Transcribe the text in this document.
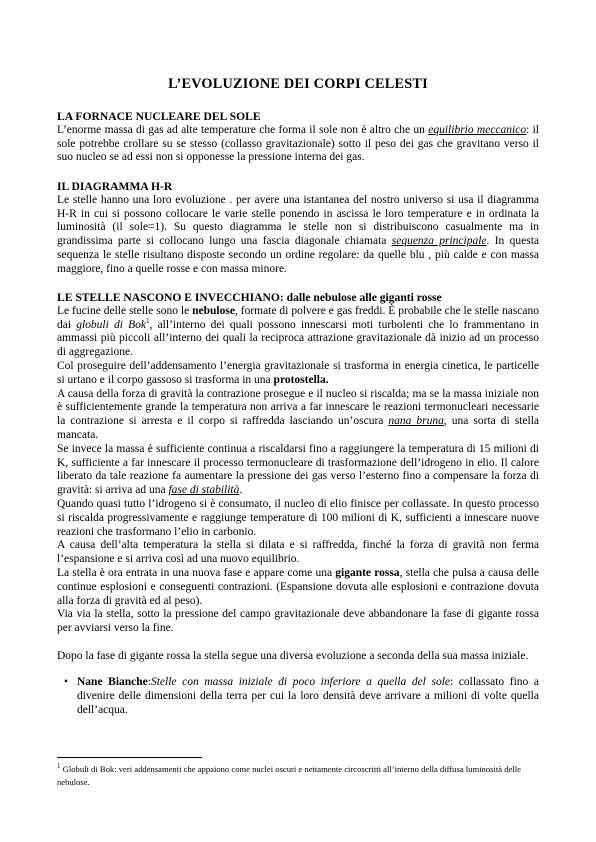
L’EVOLUZIONE DEI CORPI CELESTI

LA FORNACE NUCLEARE DEL SOLE

L’enorme massa di gas ad alte temperature che forma il sole non è altro che un equilibrio meccanico: il sole potrebbe crollare su se stesso (collasso gravitazionale) sotto il peso dei gas che gravitano verso il suo nucleo se ad essi non si opponesse la pressione interna dei gas.

IL DIAGRAMMA H-R

Le stelle hanno una loro evoluzione . per avere una istantanea del nostro universo si usa il diagramma H-R in cui si possono collocare le varie stelle ponendo in ascissa le loro temperature e in ordinata la luminosità (il sole=1). Su questo diagramma le stelle non si distribuiscono casualmente ma in grandissima parte si collocano lungo una fascia diagonale chiamata sequenza principale. In questa sequenza le stelle risultano disposte secondo un ordine regolare: da quelle blu , più calde e con massa maggiore, fino a quelle rosse e con massa minore.

LE STELLE NASCONO E INVECCHIANO: dalle nebulose alle giganti rosse

Le fucine delle stelle sono le nebulose, formate di polvere e gas freddi. È probabile che le stelle nascano dai globuli di Bok$^1$, all’interno dei quali possono innescarsi moti turbolenti che lo frammentano in ammassi più piccoli all’interno dei quali la reciproca attrazione gravitazionale dà inizio ad un processo di aggregazione.

Col proseguire dell’addensamento l’energia gravitazionale si trasforma in energia cinetica, le particelle si urtano e il corpo gassoso si trasforma in una protostella.

A causa della forza di gravità la contrazione prosegue e il nucleo si riscalda; ma se la massa iniziale non è sufficientemente grande la temperatura non arriva a far innescare le reazioni termonucleari necessarie la contrazione si arresta e il corpo si raffredda lasciando un’oscura nana bruna, una sorta di stella mancata.

Se invece la massa è sufficiente continua a riscaldarsi fino a raggiungere la temperatura di 15 milioni di K, sufficiente a far innescare il processo termonucleare di trasformazione dell’idrogeno in elio. Il calore liberato da tale reazione fa aumentare la pressione dei gas verso l’esterno fino a compensare la forza di gravità: si arriva ad una fase di stabilità.

Quando quasi tutto l’idrogeno si è consumato, il nucleo di elio finisce per collassate. In questo processo si riscalda progressivamente e raggiunge temperature di 100 milioni di K, sufficienti a innescare nuove reazioni che trasformano l’elio in carbonio.

A causa dell’alta temperatura la stella si dilata e si raffredda, finché la forza di gravità non ferma l’espansione e si arriva così ad una nuovo equilibrio.

La stella è ora entrata in una nuova fase e appare come una gigante rossa, stella che pulsa a causa delle continue esplosioni e conseguenti contrazioni. (Espansione dovuta alle esplosioni e contrazione dovuta alla forza di gravità ed al peso).

Via via la stella, sotto la pressione del campo gravitazionale deve abbandonare la fase di gigante rossa per avviarsi verso la fine.

Dopo la fase di gigante rossa la stella segue una diversa evoluzione a seconda della sua massa iniziale.

• Nane Bianche:Stelle con massa iniziale di poco inferiore a quella del sole: collassato fino a divenire delle dimensioni della terra per cui la loro densità deve arrivare a milioni di volte quella dell’acqua.

$^1$ Globuli di Bok: veri addensamenti che appaiono come nuclei oscuri e nettamente circoscritti all’interno della diffusa luminosità delle nebulose.
